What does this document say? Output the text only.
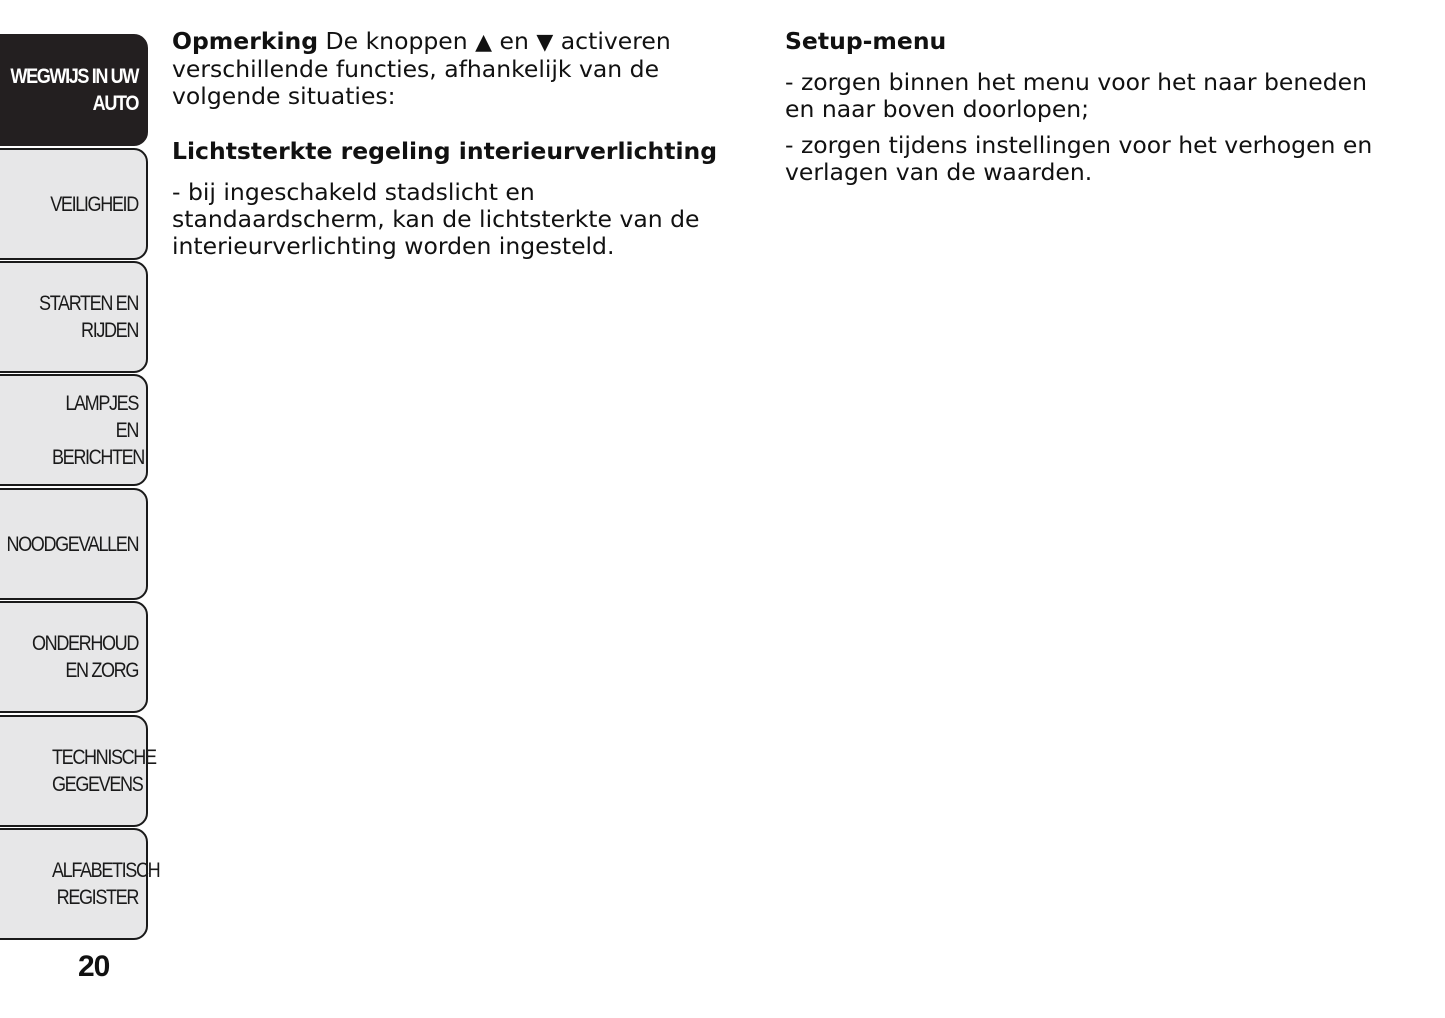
WEGWIJS IN UW AUTO
VEILIGHEID
STARTEN EN RIJDEN
LAMPJES EN BERICHTEN
NOODGEVALLEN
ONDERHOUD EN ZORG
TECHNISCHE GEGEVENS
ALFABETISCH REGISTER
20

Opmerking De knoppen ▲ en ▼ activeren verschillende functies, afhankelijk van de volgende situaties:

Lichtsterkte regeling interieurverlichting

- bij ingeschakeld stadslicht en standaardscherm, kan de lichtsterkte van de interieurverlichting worden ingesteld.

Setup-menu

- zorgen binnen het menu voor het naar beneden en naar boven doorlopen;

- zorgen tijdens instellingen voor het verhogen en verlagen van de waarden.
